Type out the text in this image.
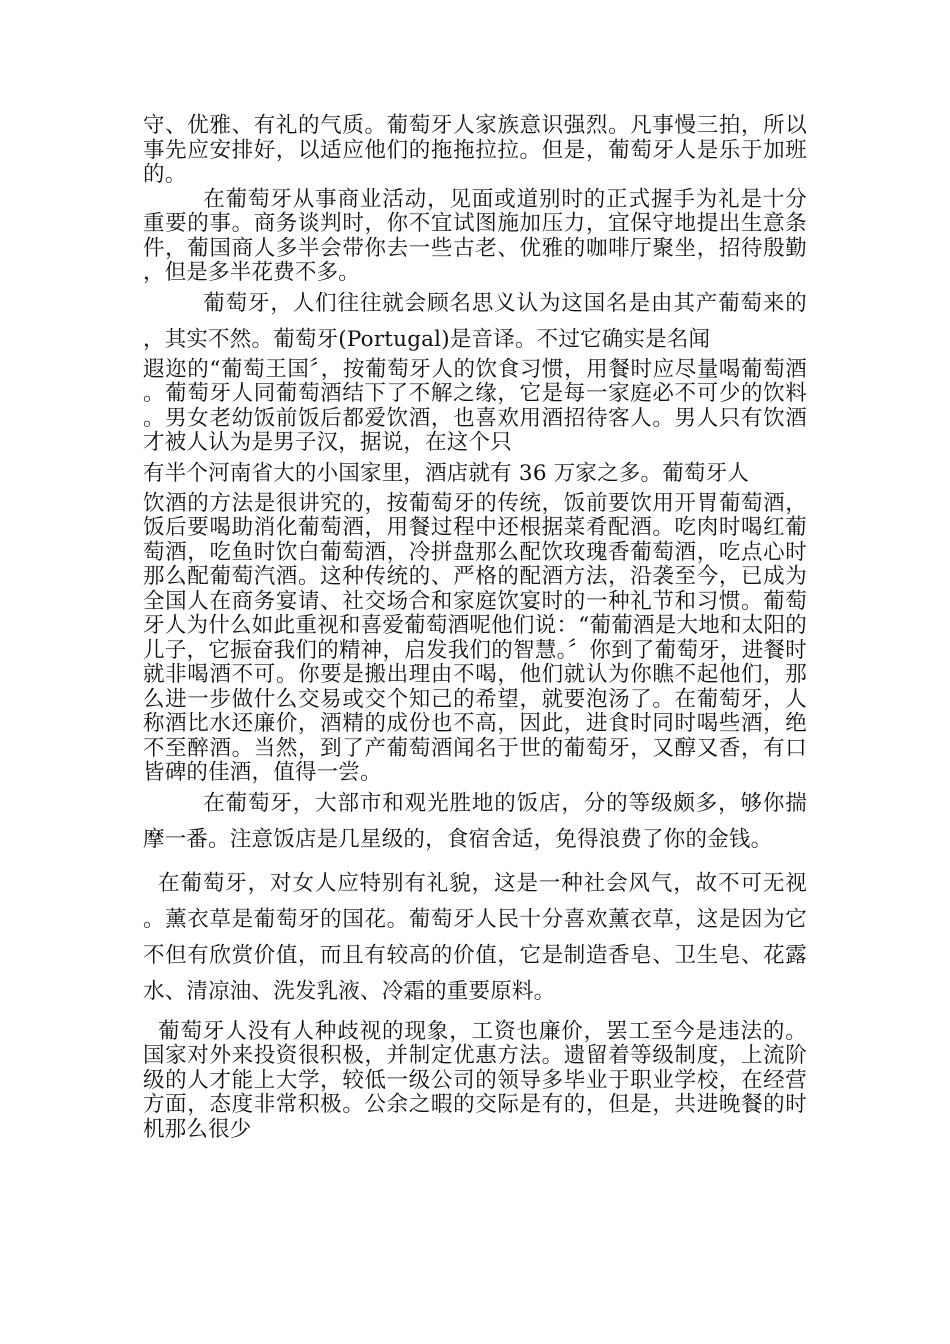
守、优雅、有礼的气质。葡萄牙人家族意识强烈。凡事慢三拍，所以事先应安排好，以适应他们的拖拖拉拉。但是，葡萄牙人是乐于加班的。

在葡萄牙从事商业活动，见面或道别时的正式握手为礼是十分重要的事。商务谈判时，你不宜试图施加压力，宜保守地提出生意条件，葡国商人多半会带你去一些古老、优雅的咖啡厅聚坐，招待殷勤，但是多半花费不多。

葡萄牙，人们往往就会顾名思义认为这国名是由其产葡萄来的，其实不然。葡萄牙(Portugal)是音译。不过它确实是名闻

遐迩的“葡萄王国〞，按葡萄牙人的饮食习惯，用餐时应尽量喝葡萄酒。葡萄牙人同葡萄酒结下了不解之缘，它是每一家庭必不可少的饮料。男女老幼饭前饭后都爱饮酒，也喜欢用酒招待客人。男人只有饮酒才被人认为是男子汉，据说，在这个只

有半个河南省大的小国家里，酒店就有 36 万家之多。葡萄牙人

饮酒的方法是很讲究的，按葡萄牙的传统，饭前要饮用开胃葡萄酒，饭后要喝助消化葡萄酒，用餐过程中还根据菜肴配酒。吃肉时喝红葡萄酒，吃鱼时饮白葡萄酒，冷拼盘那么配饮玫瑰香葡萄酒，吃点心时那么配葡萄汽酒。这种传统的、严格的配酒方法，沿袭至今，已成为全国人在商务宴请、社交场合和家庭饮宴时的一种礼节和习惯。葡萄牙人为什么如此重视和喜爱葡萄酒呢他们说：“葡葡酒是大地和太阳的儿子，它振奋我们的精神，启发我们的智慧。〞你到了葡萄牙，进餐时就非喝酒不可。你要是搬出理由不喝，他们就认为你瞧不起他们，那么进一步做什么交易或交个知己的希望，就要泡汤了。在葡萄牙，人称酒比水还廉价，酒精的成份也不高，因此，进食时同时喝些酒，绝不至醉酒。当然，到了产葡萄酒闻名于世的葡萄牙，又醇又香，有口皆碑的佳酒，值得一尝。

在葡萄牙，大部市和观光胜地的饭店，分的等级颇多，够你揣摩一番。注意饭店是几星级的，食宿舍适，免得浪费了你的金钱。

在葡萄牙，对女人应特别有礼貌，这是一种社会风气，故不可无视。薰衣草是葡萄牙的国花。葡萄牙人民十分喜欢薰衣草，这是因为它不但有欣赏价值，而且有较高的价值，它是制造香皂、卫生皂、花露水、清凉油、洗发乳液、冷霜的重要原料。

葡萄牙人没有人种歧视的现象，工资也廉价，罢工至今是违法的。国家对外来投资很积极，并制定优惠方法。遗留着等级制度，上流阶级的人才能上大学，较低一级公司的领导多毕业于职业学校，在经营方面，态度非常积极。公余之暇的交际是有的，但是，共进晚餐的时机那么很少
